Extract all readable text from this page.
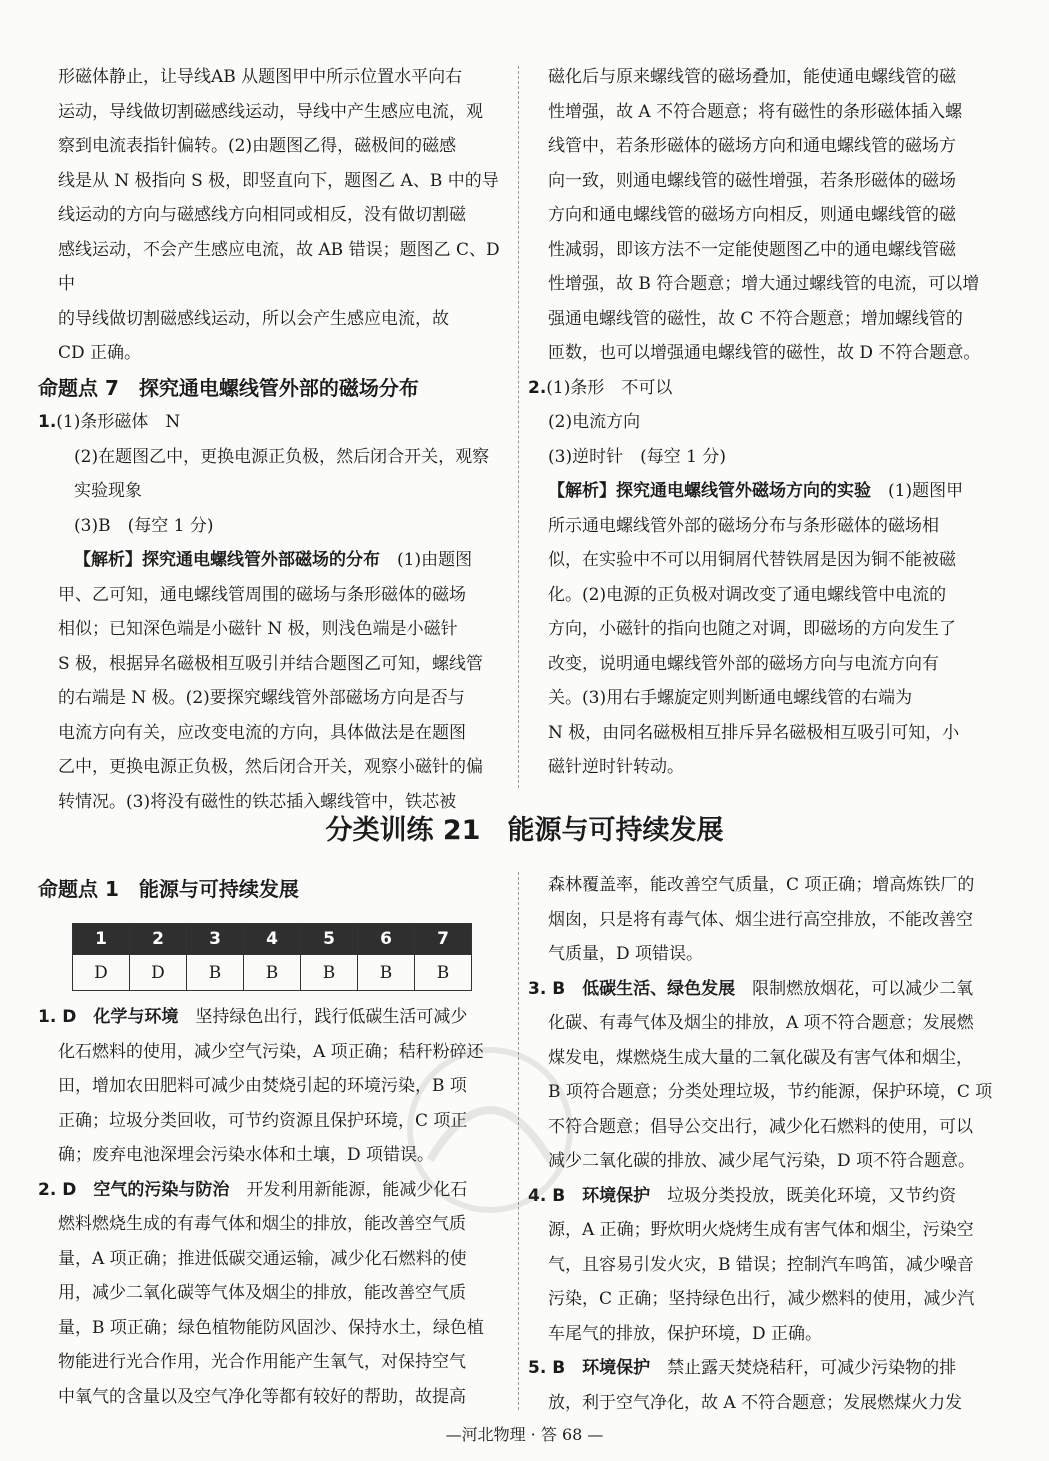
形磁体静止，让导线AB 从题图甲中所示位置水平向右

运动，导线做切割磁感线运动，导线中产生感应电流，观

察到电流表指针偏转。(2)由题图乙得，磁极间的磁感

线是从 N 极指向 S 极，即竖直向下，题图乙 A、B 中的导

线运动的方向与磁感线方向相同或相反，没有做切割磁

感线运动，不会产生感应电流，故 AB 错误；题图乙 C、D 中

的导线做切割磁感线运动，所以会产生感应电流，故

CD 正确。

命题点 7　探究通电螺线管外部的磁场分布

1.(1)条形磁体　N

(2)在题图乙中，更换电源正负极，然后闭合开关，观察

实验现象

(3)B　(每空 1 分)

【解析】探究通电螺线管外部磁场的分布　(1)由题图

甲、乙可知，通电螺线管周围的磁场与条形磁体的磁场

相似；已知深色端是小磁针 N 极，则浅色端是小磁针

S 极，根据异名磁极相互吸引并结合题图乙可知，螺线管

的右端是 N 极。(2)要探究螺线管外部磁场方向是否与

电流方向有关，应改变电流的方向，具体做法是在题图

乙中，更换电源正负极，然后闭合开关，观察小磁针的偏

转情况。(3)将没有磁性的铁芯插入螺线管中，铁芯被

磁化后与原来螺线管的磁场叠加，能使通电螺线管的磁

性增强，故 A 不符合题意；将有磁性的条形磁体插入螺

线管中，若条形磁体的磁场方向和通电螺线管的磁场方

向一致，则通电螺线管的磁性增强，若条形磁体的磁场

方向和通电螺线管的磁场方向相反，则通电螺线管的磁

性减弱，即该方法不一定能使题图乙中的通电螺线管磁

性增强，故 B 符合题意；增大通过螺线管的电流，可以增

强通电螺线管的磁性，故 C 不符合题意；增加螺线管的

匝数，也可以增强通电螺线管的磁性，故 D 不符合题意。

2.(1)条形　不可以

(2)电流方向

(3)逆时针　(每空 1 分)

【解析】探究通电螺线管外磁场方向的实验　(1)题图甲

所示通电螺线管外部的磁场分布与条形磁体的磁场相

似，在实验中不可以用铜屑代替铁屑是因为铜不能被磁

化。(2)电源的正负极对调改变了通电螺线管中电流的

方向，小磁针的指向也随之对调，即磁场的方向发生了

改变，说明通电螺线管外部的磁场方向与电流方向有

关。(3)用右手螺旋定则判断通电螺线管的右端为

N 极，由同名磁极相互排斥异名磁极相互吸引可知，小

磁针逆时针转动。

分类训练 21　能源与可持续发展

命题点 1　能源与可持续发展

1	2	3	4	5	6	7
D	D	B	B	B	B	B

1. D　化学与环境　坚持绿色出行，践行低碳生活可减少

化石燃料的使用，减少空气污染，A 项正确；秸秆粉碎还

田，增加农田肥料可减少由焚烧引起的环境污染，B 项

正确；垃圾分类回收，可节约资源且保护环境，C 项正

确；废弃电池深埋会污染水体和土壤，D 项错误。

2. D　空气的污染与防治　开发利用新能源，能减少化石

燃料燃烧生成的有毒气体和烟尘的排放，能改善空气质

量，A 项正确；推进低碳交通运输，减少化石燃料的使

用，减少二氧化碳等气体及烟尘的排放，能改善空气质

量，B 项正确；绿色植物能防风固沙、保持水土，绿色植

物能进行光合作用，光合作用能产生氧气，对保持空气

中氧气的含量以及空气净化等都有较好的帮助，故提高

森林覆盖率，能改善空气质量，C 项正确；增高炼铁厂的

烟囱，只是将有毒气体、烟尘进行高空排放，不能改善空

气质量，D 项错误。

3. B　低碳生活、绿色发展　限制燃放烟花，可以减少二氧

化碳、有毒气体及烟尘的排放，A 项不符合题意；发展燃

煤发电，煤燃烧生成大量的二氧化碳及有害气体和烟尘，

B 项符合题意；分类处理垃圾，节约能源，保护环境，C 项

不符合题意；倡导公交出行，减少化石燃料的使用，可以

减少二氧化碳的排放、减少尾气污染，D 项不符合题意。

4. B　环境保护　垃圾分类投放，既美化环境，又节约资

源，A 正确；野炊明火烧烤生成有害气体和烟尘，污染空

气，且容易引发火灾，B 错误；控制汽车鸣笛，减少噪音

污染，C 正确；坚持绿色出行，减少燃料的使用，减少汽

车尾气的排放，保护环境，D 正确。

5. B　环境保护　禁止露天焚烧秸秆，可减少污染物的排

放，利于空气净化，故 A 不符合题意；发展燃煤火力发

—河北物理 · 答 68 —
